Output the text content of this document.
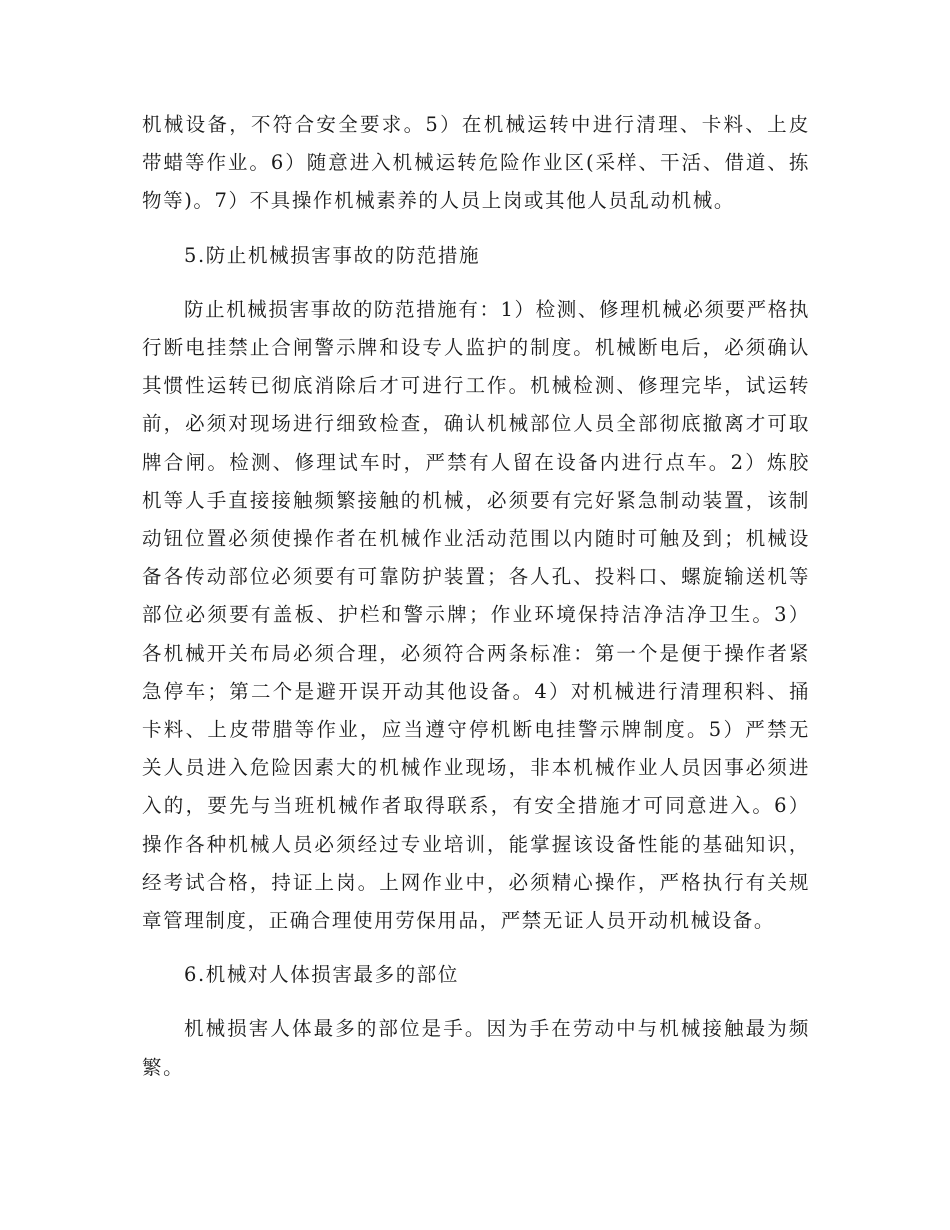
机械设备，不符合安全要求。5）在机械运转中进行清理、卡料、上皮带蜡等作业。6）随意进入机械运转危险作业区(采样、干活、借道、拣物等)。7）不具操作机械素养的人员上岗或其他人员乱动机械。

5.防止机械损害事故的防范措施

防止机械损害事故的防范措施有：1）检测、修理机械必须要严格执行断电挂禁止合闸警示牌和设专人监护的制度。机械断电后，必须确认其惯性运转已彻底消除后才可进行工作。机械检测、修理完毕，试运转前，必须对现场进行细致检查，确认机械部位人员全部彻底撤离才可取牌合闸。检测、修理试车时，严禁有人留在设备内进行点车。2）炼胶机等人手直接接触频繁接触的机械，必须要有完好紧急制动装置，该制动钮位置必须使操作者在机械作业活动范围以内随时可触及到；机械设备各传动部位必须要有可靠防护装置；各人孔、投料口、螺旋输送机等部位必须要有盖板、护栏和警示牌；作业环境保持洁净洁净卫生。3）各机械开关布局必须合理，必须符合两条标准：第一个是便于操作者紧急停车；第二个是避开误开动其他设备。4）对机械进行清理积料、捅卡料、上皮带腊等作业，应当遵守停机断电挂警示牌制度。5）严禁无关人员进入危险因素大的机械作业现场，非本机械作业人员因事必须进入的，要先与当班机械作者取得联系，有安全措施才可同意进入。6）操作各种机械人员必须经过专业培训，能掌握该设备性能的基础知识，经考试合格，持证上岗。上网作业中，必须精心操作，严格执行有关规章管理制度，正确合理使用劳保用品，严禁无证人员开动机械设备。

6.机械对人体损害最多的部位

机械损害人体最多的部位是手。因为手在劳动中与机械接触最为频繁。
